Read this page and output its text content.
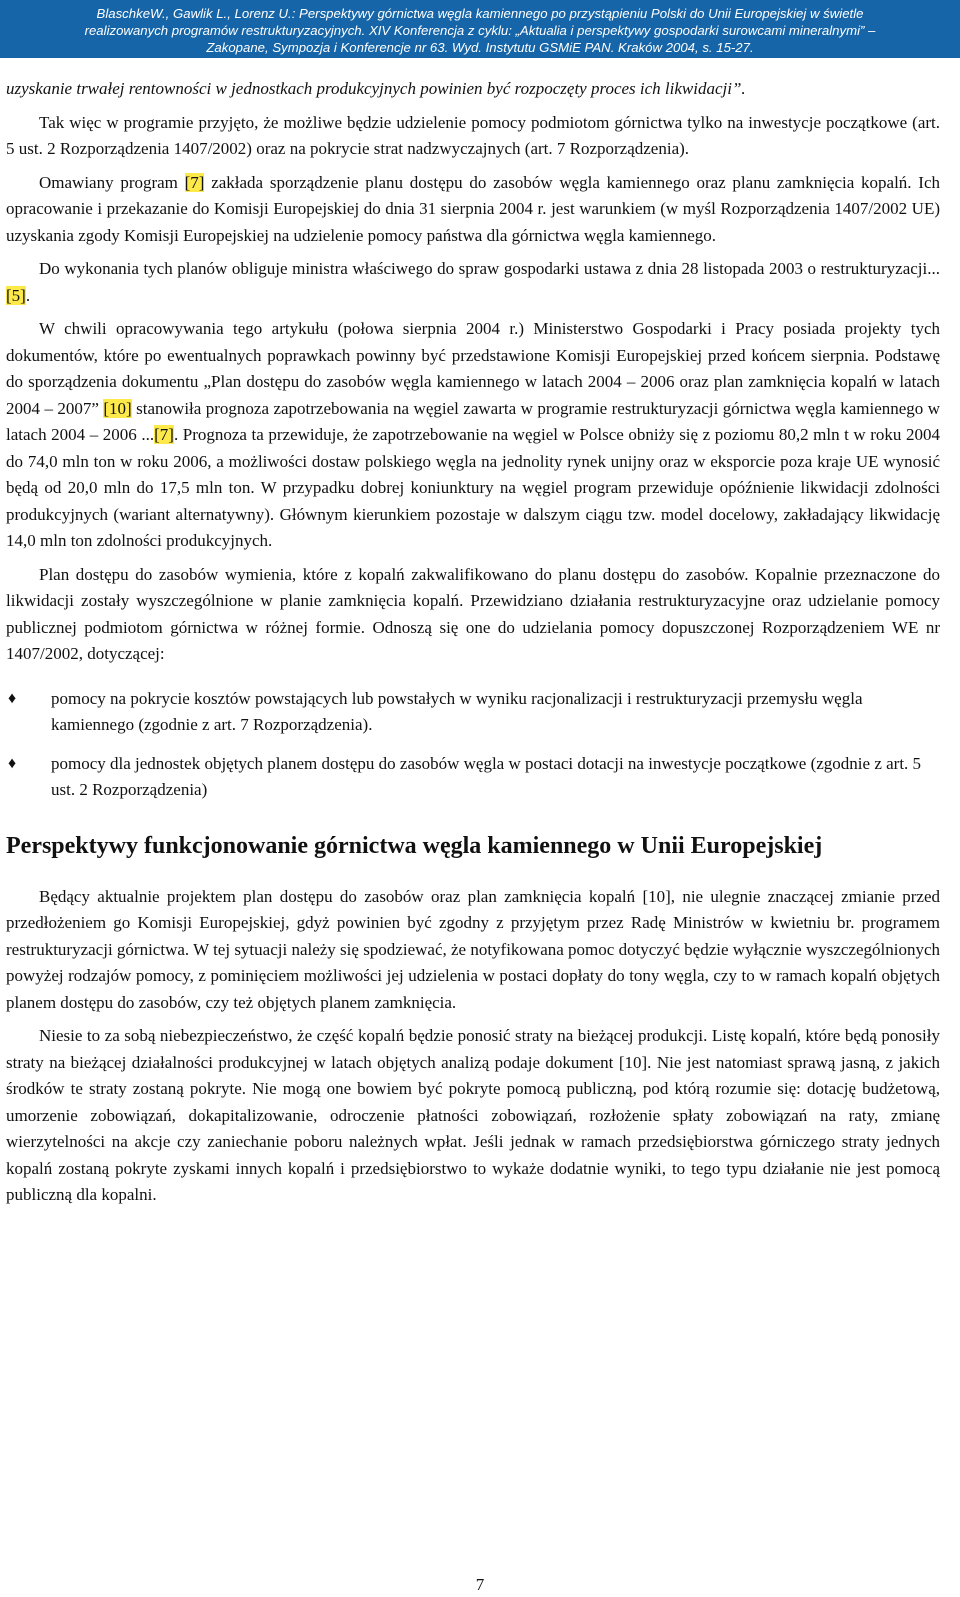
BlaschkeW., Gawlik L., Lorenz U.: Perspektywy górnictwa węgla kamiennego po przystąpieniu Polski do Unii Europejskiej w świetle

realizowanych programów restrukturyzacyjnych. XIV Konferencja z cyklu: „Aktualia i perspektywy gospodarki surowcami mineralnymi” –

Zakopane, Sympozja i Konferencje nr 63. Wyd. Instytutu GSMiE PAN. Kraków 2004, s. 15-27.

uzyskanie trwałej rentowności w jednostkach produkcyjnych powinien być rozpoczęty proces ich likwidacji”.

Tak więc w programie przyjęto, że możliwe będzie udzielenie pomocy podmiotom górnictwa tylko na inwestycje początkowe (art. 5 ust. 2 Rozporządzenia 1407/2002) oraz na pokrycie strat nadzwyczajnych (art. 7 Rozporządzenia).

Omawiany program [7] zakłada sporządzenie planu dostępu do zasobów węgla kamiennego oraz planu zamknięcia kopalń. Ich opracowanie i przekazanie do Komisji Europejskiej do dnia 31 sierpnia 2004 r. jest warunkiem (w myśl Rozporządzenia 1407/2002 UE) uzyskania zgody Komisji Europejskiej na udzielenie pomocy państwa dla górnictwa węgla kamiennego.

Do wykonania tych planów obliguje ministra właściwego do spraw gospodarki ustawa z dnia 28 listopada 2003 o restrukturyzacji... [5].

W chwili opracowywania tego artykułu (połowa sierpnia 2004 r.) Ministerstwo Gospodarki i Pracy posiada projekty tych dokumentów, które po ewentualnych poprawkach powinny być przedstawione Komisji Europejskiej przed końcem sierpnia. Podstawę do sporządzenia dokumentu „Plan dostępu do zasobów węgla kamiennego w latach 2004 – 2006 oraz plan zamknięcia kopalń w latach 2004 – 2007” [10] stanowiła prognoza zapotrzebowania na węgiel zawarta w programie restrukturyzacji górnictwa węgla kamiennego w latach 2004 – 2006 ...[7]. Prognoza ta przewiduje, że zapotrzebowanie na węgiel w Polsce obniży się z poziomu 80,2 mln t w roku 2004 do 74,0 mln ton w roku 2006, a możliwości dostaw polskiego węgla na jednolity rynek unijny oraz w eksporcie poza kraje UE wynosić będą od 20,0 mln do 17,5 mln ton. W przypadku dobrej koniunktury na węgiel program przewiduje opóźnienie likwidacji zdolności produkcyjnych (wariant alternatywny). Głównym kierunkiem pozostaje w dalszym ciągu tzw. model docelowy, zakładający likwidację 14,0 mln ton zdolności produkcyjnych.

Plan dostępu do zasobów wymienia, które z kopalń zakwalifikowano do planu dostępu do zasobów. Kopalnie przeznaczone do likwidacji zostały wyszczególnione w planie zamknięcia kopalń. Przewidziano działania restrukturyzacyjne oraz udzielanie pomocy publicznej podmiotom górnictwa w różnej formie. Odnoszą się one do udzielania pomocy dopuszczonej Rozporządzeniem WE nr 1407/2002, dotyczącej:

♦ pomocy na pokrycie kosztów powstających lub powstałych w wyniku racjonalizacji i restrukturyzacji przemysłu węgla kamiennego (zgodnie z art. 7 Rozporządzenia).
♦ pomocy dla jednostek objętych planem dostępu do zasobów węgla w postaci dotacji na inwestycje początkowe (zgodnie z art. 5 ust. 2 Rozporządzenia)
Perspektywy funkcjonowanie górnictwa węgla kamiennego w Unii Europejskiej

Będący aktualnie projektem plan dostępu do zasobów oraz plan zamknięcia kopalń [10], nie ulegnie znaczącej zmianie przed przedłożeniem go Komisji Europejskiej, gdyż powinien być zgodny z przyjętym przez Radę Ministrów w kwietniu br. programem restrukturyzacji górnictwa. W tej sytuacji należy się spodziewać, że notyfikowana pomoc dotyczyć będzie wyłącznie wyszczególnionych powyżej rodzajów pomocy, z pominięciem możliwości jej udzielenia w postaci dopłaty do tony węgla, czy to w ramach kopalń objętych planem dostępu do zasobów, czy też objętych planem zamknięcia.

Niesie to za sobą niebezpieczeństwo, że część kopalń będzie ponosić straty na bieżącej produkcji. Listę kopalń, które będą ponosiły straty na bieżącej działalności produkcyjnej w latach objętych analizą podaje dokument [10]. Nie jest natomiast sprawą jasną, z jakich środków te straty zostaną pokryte. Nie mogą one bowiem być pokryte pomocą publiczną, pod którą rozumie się: dotację budżetową, umorzenie zobowiązań, dokapitalizowanie, odroczenie płatności zobowiązań, rozłożenie spłaty zobowiązań na raty, zmianę wierzytelności na akcje czy zaniechanie poboru należnych wpłat. Jeśli jednak w ramach przedsiębiorstwa górniczego straty jednych kopalń zostaną pokryte zyskami innych kopalń i przedsiębiorstwo to wykaże dodatnie wyniki, to tego typu działanie nie jest pomocą publiczną dla kopalni.

7
